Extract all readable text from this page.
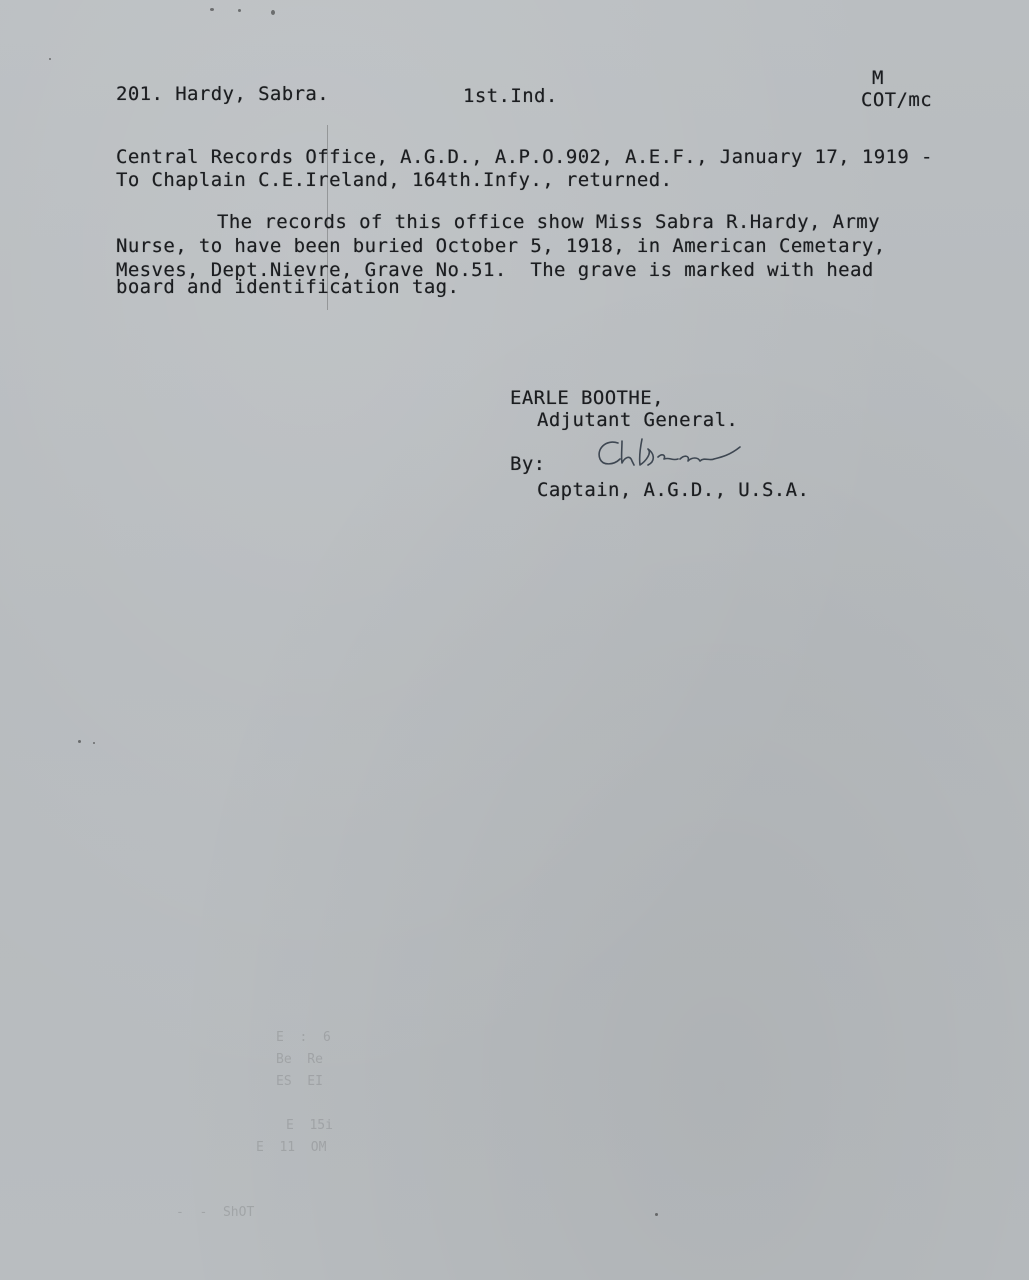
E  :  6
Be  Re
ES  EI
E  15i
E  11  OM
-  -  ShOT
201. Hardy, Sabra.	1st.Ind.
M
COT/mc
Central Records Office, A.G.D., A.P.O.902, A.E.F., January 17, 1919 -
To Chaplain C.E.Ireland, 164th.Infy., returned.
The records of this office show Miss Sabra R.Hardy, Army
Nurse, to have been buried October 5, 1918, in American Cemetary,
Mesves, Dept.Nievre, Grave No.51.  The grave is marked with head
board and identification tag.
EARLE BOOTHE,
Adjutant General.
By:
Captain, A.G.D., U.S.A.
